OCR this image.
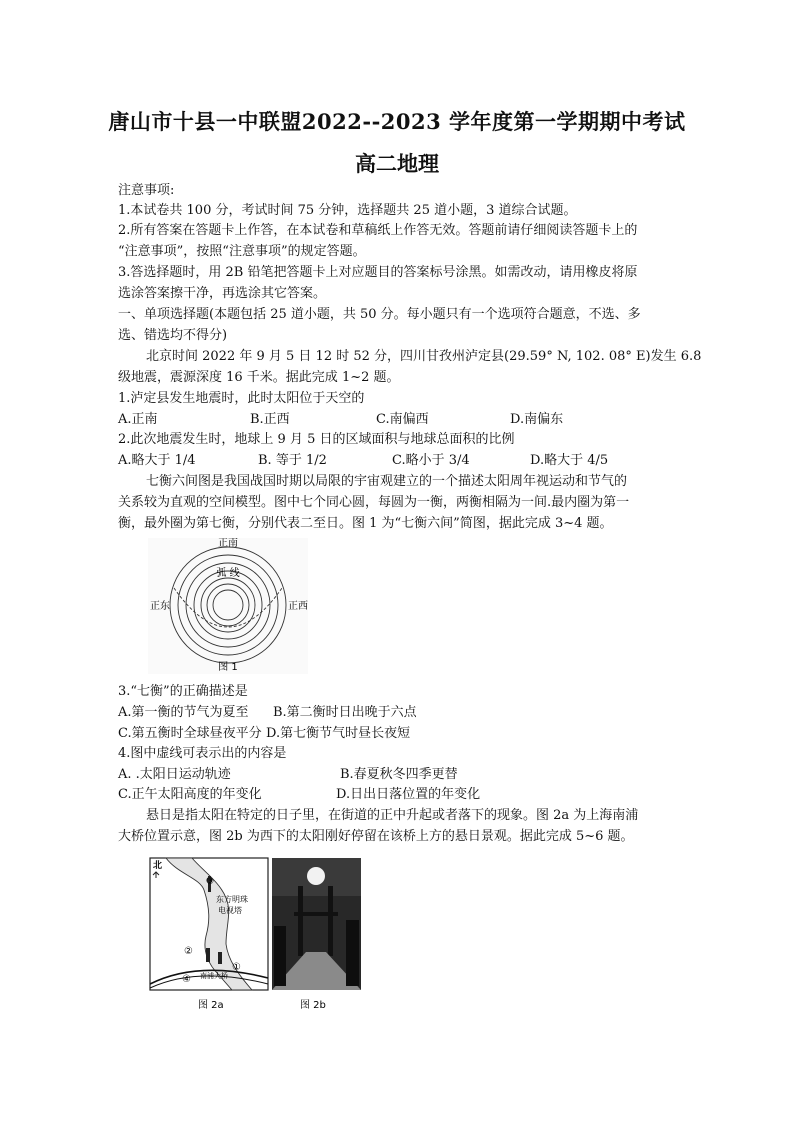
唐山市十县一中联盟2022--2023 学年度第一学期期中考试
高二地理
注意事项:
1.本试卷共 100 分，考试时间 75 分钟，选择题共 25 道小题，3 道综合试题。
2.所有答案在答题卡上作答，在本试卷和草稿纸上作答无效。答题前请仔细阅读答题卡上的
“注意事项”，按照“注意事项”的规定答题。
3.答选择题时，用 2B 铅笔把答题卡上对应题目的答案标号涂黑。如需改动，请用橡皮将原
选涂答案擦干净，再选涂其它答案。
一、单项选择题(本题包括 25 道小题，共 50 分。每小题只有一个选项符合题意，不选、多
选、错选均不得分)
北京时间 2022 年 9 月 5 日 12 时 52 分，四川甘孜州泸定县(29.59° N, 102. 08° E)发生 6.8
级地震，震源深度 16 千米。据此完成 1~2 题。
1.泸定县发生地震时，此时太阳位于天空的
A.正南	B.正西	C.南偏西	D.南偏东
2.此次地震发生时，地球上 9 月 5 日的区域面积与地球总面积的比例
A.略大于 1/4	B. 等于 1/2	C.略小于 3/4	D.略大于 4/5
七衡六间图是我国战国时期以局限的宇宙观建立的一个描述太阳周年视运动和节气的
关系较为直观的空间模型。图中七个同心圆，每圆为一衡，两衡相隔为一间.最内圈为第一
衡，最外圈为第七衡，分别代表二至日。图 1 为“七衡六间”简图，据此完成 3~4 题。
正南
弧 线
正东	正西
图 1
3.“七衡”的正确描述是
A.第一衡的节气为夏至 B.第二衡时日出晚于六点
C.第五衡时全球昼夜平分 D.第七衡节气时昼长夜短
4.图中虚线可表示出的内容是
A. .太阳日运动轨迹	B.春夏秋冬四季更替
C.正午太阳高度的年变化	D.日出日落位置的年变化
悬日是指太阳在特定的日子里，在街道的正中升起或者落下的现象。图 2a 为上海南浦
大桥位置示意，图 2b 为西下的太阳刚好停留在该桥上方的悬日景观。据此完成 5~6 题。
北
③
东方明珠
电视塔
②
①
④ 南浦大桥
图 2a	图 2b
